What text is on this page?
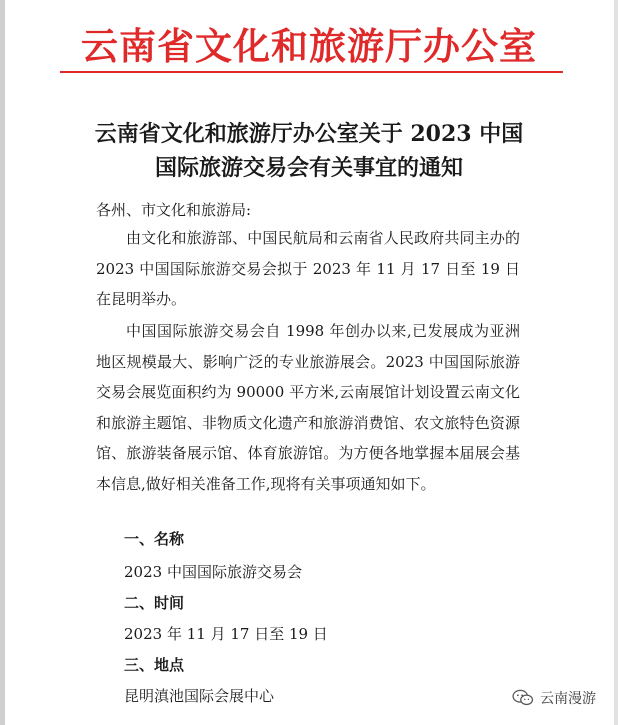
云南省文化和旅游厅办公室
云南省文化和旅游厅办公室关于 2023 中国
国际旅游交易会有关事宜的通知
各州、市文化和旅游局:
由文化和旅游部、中国民航局和云南省人民政府共同主办的 2023 中国国际旅游交易会拟于 2023 年 11 月 17 日至 19 日在昆明举办。
中国国际旅游交易会自 1998 年创办以来,已发展成为亚洲地区规模最大、影响广泛的专业旅游展会。2023 中国国际旅游交易会展览面积约为 90000 平方米,云南展馆计划设置云南文化和旅游主题馆、非物质文化遗产和旅游消费馆、农文旅特色资源馆、旅游装备展示馆、体育旅游馆。为方便各地掌握本届展会基本信息,做好相关准备工作,现将有关事项通知如下。
一、名称
2023 中国国际旅游交易会
二、时间
2023 年 11 月 17 日至 19 日
三、地点
昆明滇池国际会展中心	云南漫游
